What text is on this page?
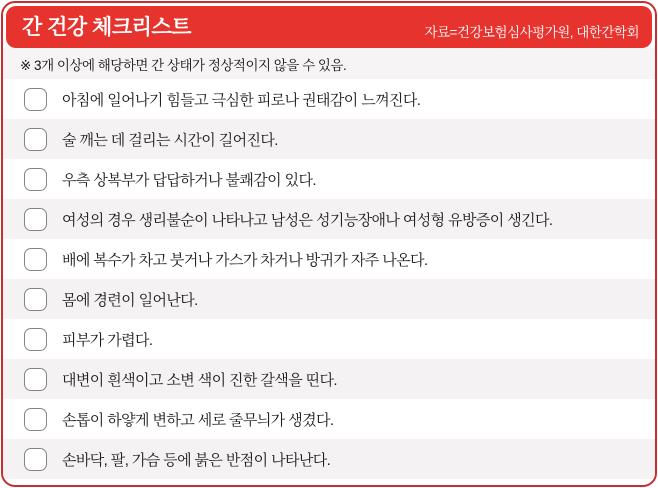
간 건강 체크리스트	자료=건강보험심사평가원, 대한간학회
※ 3개 이상에 해당하면 간 상태가 정상적이지 않을 수 있음.
아침에 일어나기 힘들고 극심한 피로나 권태감이 느껴진다.
술 깨는 데 걸리는 시간이 길어진다.
우측 상복부가 답답하거나 불쾌감이 있다.
여성의 경우 생리불순이 나타나고 남성은 성기능장애나 여성형 유방증이 생긴다.
배에 복수가 차고 붓거나 가스가 차거나 방귀가 자주 나온다.
몸에 경련이 일어난다.
피부가 가렵다.
대변이 흰색이고 소변 색이 진한 갈색을 띤다.
손톱이 하얗게 변하고 세로 줄무늬가 생겼다.
손바닥, 팔, 가슴 등에 붉은 반점이 나타난다.
